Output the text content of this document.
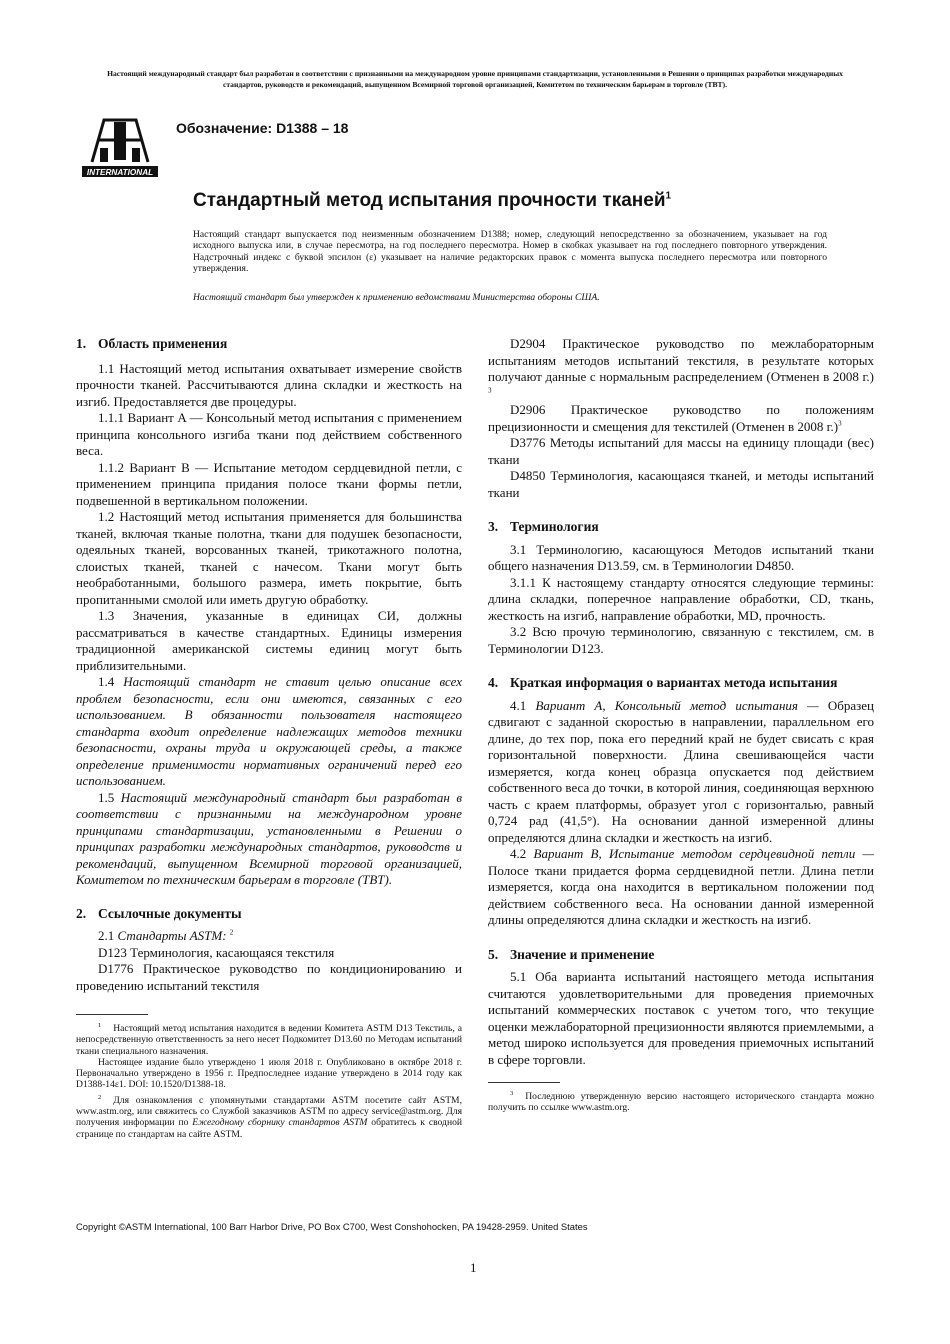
Настоящий международный стандарт был разработан в соответствии с признанными на международном уровне принципами стандартизации, установленными в Решении о принципах разработки международных стандартов, руководств и рекомендаций, выпущенном Всемирной торговой организацией, Комитетом по техническим барьерам в торговле (TBT).
INTERNATIONAL
Обозначение: D1388 – 18
Стандартный метод испытания прочности тканей$^1$
Настоящий стандарт выпускается под неизменным обозначением D1388; номер, следующий непосредственно за обозначением, указывает на год исходного выпуска или, в случае пересмотра, на год последнего пересмотра. Номер в скобках указывает на год последнего повторного утверждения. Надстрочный индекс с буквой эпсилон (ε) указывает на наличие редакторских правок с момента выпуска последнего пересмотра или повторного утверждения.
Настоящий стандарт был утвержден к применению ведомствами Министерства обороны США.

1. Область применения

1.1 Настоящий метод испытания охватывает измерение свойств прочности тканей. Рассчитываются длина складки и жесткость на изгиб. Предоставляется две процедуры.

1.1.1 Вариант A — Консольный метод испытания с применением принципа консольного изгиба ткани под действием собственного веса.

1.1.2 Вариант B — Испытание методом сердцевидной петли, с применением принципа придания полосе ткани формы петли, подвешенной в вертикальном положении.

1.2 Настоящий метод испытания применяется для большинства тканей, включая тканые полотна, ткани для подушек безопасности, одеяльных тканей, ворсованных тканей, трикотажного полотна, слоистых тканей, тканей с начесом. Ткани могут быть необработанными, большого размера, иметь покрытие, быть пропитанными смолой или иметь другую обработку.

1.3 Значения, указанные в единицах СИ, должны рассматриваться в качестве стандартных. Единицы измерения традиционной американской системы единиц могут быть приблизительными.

1.4 Настоящий стандарт не ставит целью описание всех проблем безопасности, если они имеются, связанных с его использованием. В обязанности пользователя настоящего стандарта входит определение надлежащих методов техники безопасности, охраны труда и окружающей среды, а также определение применимости нормативных ограничений перед его использованием.

1.5 Настоящий международный стандарт был разработан в соответствии с признанными на международном уровне принципами стандартизации, установленными в Решении о принципах разработки международных стандартов, руководств и рекомендаций, выпущенном Всемирной торговой организацией, Комитетом по техническим барьерам в торговле (TBT).

2. Ссылочные документы

2.1 Стандарты ASTM: $^2$

D123 Терминология, касающаяся текстиля

D1776 Практическое руководство по кондиционированию и проведению испытаний текстиля

$^1$ Настоящий метод испытания находится в ведении Комитета ASTM D13 Текстиль, а непосредственную ответственность за него несет Подкомитет D13.60 по Методам испытаний ткани специального назначения.

Настоящее издание было утверждено 1 июля 2018 г. Опубликовано в октябре 2018 г. Первоначально утверждено в 1956 г. Предпоследнее издание утверждено в 2014 году как D1388-14ε1. DOI: 10.1520/D1388-18.

$^2$ Для ознакомления с упомянутыми стандартами ASTM посетите сайт ASTM, www.astm.org, или свяжитесь со Службой заказчиков ASTM по адресу service@astm.org. Для получения информации по Ежегодному сборнику стандартов ASTM обратитесь к сводной странице по стандартам на сайте ASTM.

D2904 Практическое руководство по межлабораторным испытаниям методов испытаний текстиля, в результате которых получают данные с нормальным распределением (Отменен в 2008 г.) $^3$

D2906 Практическое руководство по положениям прецизионности и смещения для текстилей (Отменен в 2008 г.)$^3$

D3776 Методы испытаний для массы на единицу площади (вес) ткани

D4850 Терминология, касающаяся тканей, и методы испытаний ткани

3. Терминология

3.1 Терминологию, касающуюся Методов испытаний ткани общего назначения D13.59, см. в Терминологии D4850.

3.1.1 К настоящему стандарту относятся следующие термины: длина складки, поперечное направление обработки, CD, ткань, жесткость на изгиб, направление обработки, MD, прочность.

3.2 Всю прочую терминологию, связанную с текстилем, см. в Терминологии D123.

4. Краткая информация о вариантах метода испытания

4.1 Вариант A, Консольный метод испытания — Образец сдвигают с заданной скоростью в направлении, параллельном его длине, до тех пор, пока его передний край не будет свисать с края горизонтальной поверхности. Длина свешивающейся части измеряется, когда конец образца опускается под действием собственного веса до точки, в которой линия, соединяющая верхнюю часть с краем платформы, образует угол с горизонталью, равный 0,724 рад (41,5°). На основании данной измеренной длины определяются длина складки и жесткость на изгиб.

4.2 Вариант B, Испытание методом сердцевидной петли — Полосе ткани придается форма сердцевидной петли. Длина петли измеряется, когда она находится в вертикальном положении под действием собственного веса. На основании данной измеренной длины определяются длина складки и жесткость на изгиб.

5. Значение и применение

5.1 Оба варианта испытаний настоящего метода испытания считаются удовлетворительными для проведения приемочных испытаний коммерческих поставок с учетом того, что текущие оценки межлабораторной прецизионности являются приемлемыми, а метод широко используется для проведения приемочных испытаний в сфере торговли.

$^3$ Последнюю утвержденную версию настоящего исторического стандарта можно получить по ссылке www.astm.org.

Copyright ©ASTM International, 100 Barr Harbor Drive, PO Box C700, West Conshohocken, PA 19428-2959. United States
1
